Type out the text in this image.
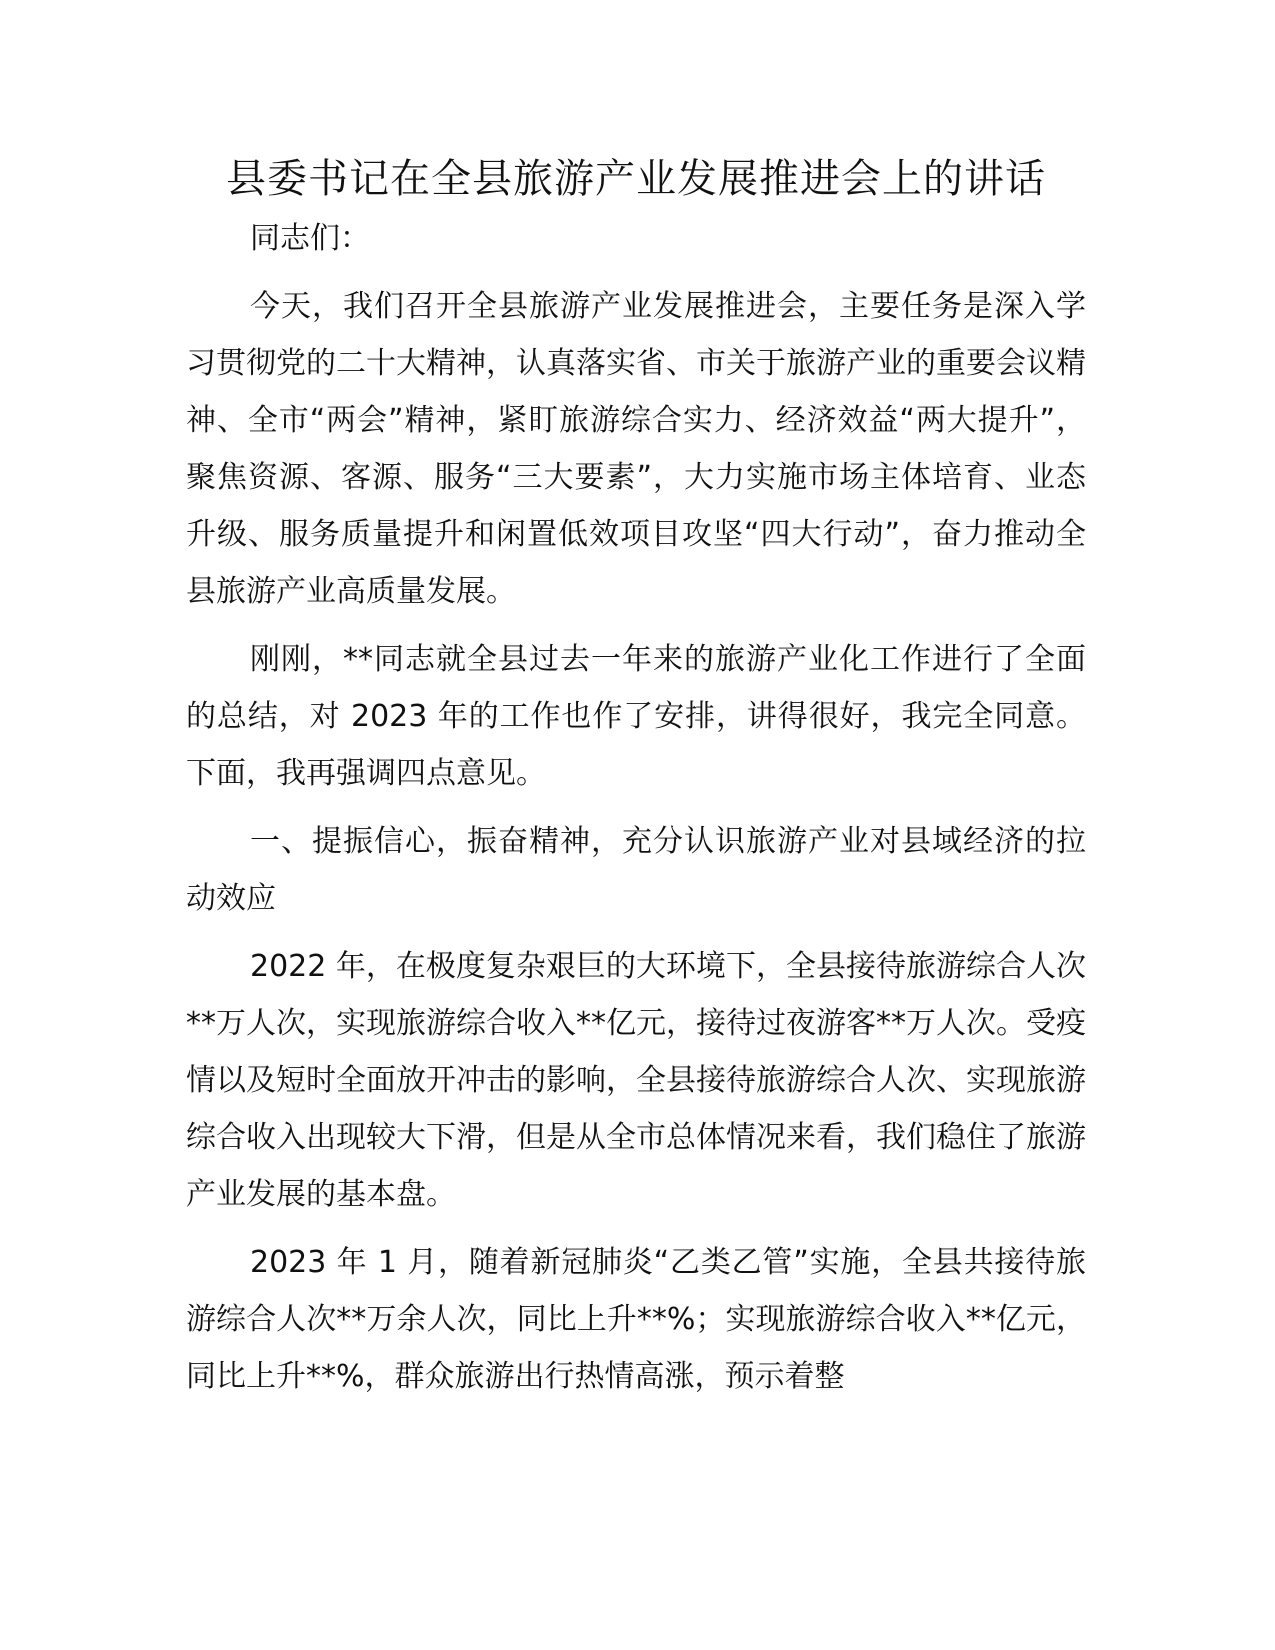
县委书记在全县旅游产业发展推进会上的讲话

同志们：

今天，我们召开全县旅游产业发展推进会，主要任务是深入学习贯彻党的二十大精神，认真落实省、市关于旅游产业的重要会议精神、全市“两会”精神，紧盯旅游综合实力、经济效益“两大提升”，聚焦资源、客源、服务“三大要素”，大力实施市场主体培育、业态升级、服务质量提升和闲置低效项目攻坚“四大行动”，奋力推动全县旅游产业高质量发展。

刚刚，**同志就全县过去一年来的旅游产业化工作进行了全面的总结，对 2023 年的工作也作了安排，讲得很好，我完全同意。下面，我再强调四点意见。

一、提振信心，振奋精神，充分认识旅游产业对县域经济的拉动效应

2022 年，在极度复杂艰巨的大环境下，全县接待旅游综合人次**万人次，实现旅游综合收入**亿元，接待过夜游客**万人次。受疫情以及短时全面放开冲击的影响，全县接待旅游综合人次、实现旅游综合收入出现较大下滑，但是从全市总体情况来看，我们稳住了旅游产业发展的基本盘。

2023 年 1 月，随着新冠肺炎“乙类乙管”实施，全县共接待旅游综合人次**万余人次，同比上升**%；实现旅游综合收入**亿元，同比上升**%，群众旅游出行热情高涨，预示着整
